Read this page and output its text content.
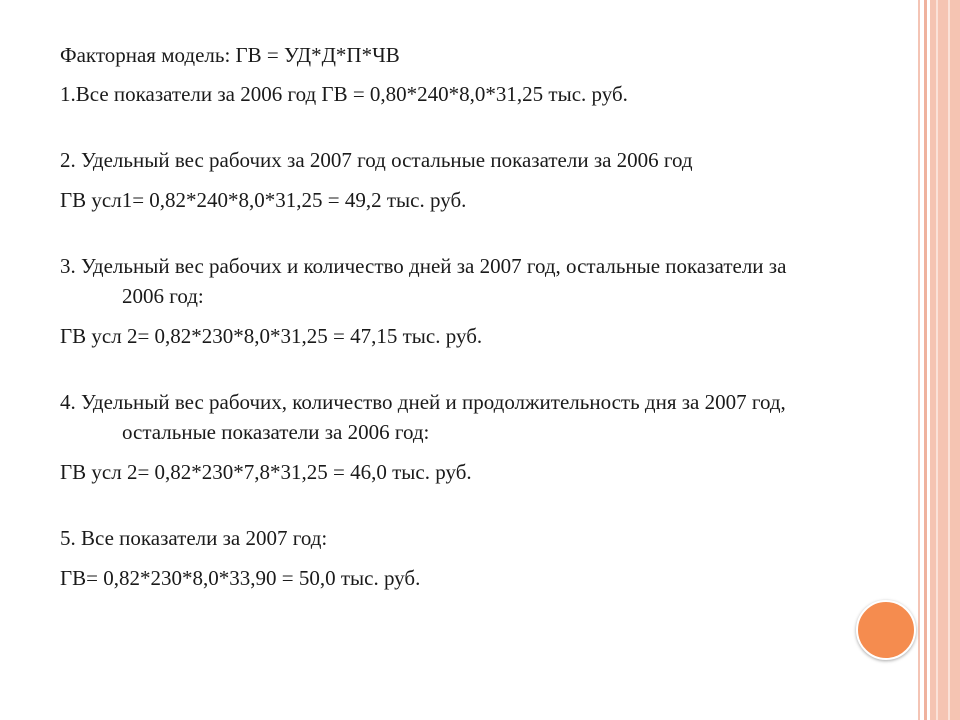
Факторная модель: ГВ = УД*Д*П*ЧВ

1.Все показатели за 2006 год ГВ = 0,80*240*8,0*31,25 тыс. руб.

2. Удельный вес рабочих за 2007 год остальные показатели за 2006 год

ГВ усл1= 0,82*240*8,0*31,25 = 49,2 тыс. руб.

3. Удельный вес рабочих и количество дней за 2007 год, остальные показатели за

2006 год:

ГВ усл 2= 0,82*230*8,0*31,25 = 47,15 тыс. руб.

4. Удельный вес рабочих, количество дней и продолжительность дня за 2007 год,

остальные показатели за 2006 год:

ГВ усл 2= 0,82*230*7,8*31,25 = 46,0 тыс. руб.

5. Все показатели за 2007 год:

ГВ= 0,82*230*8,0*33,90 = 50,0 тыс. руб.
